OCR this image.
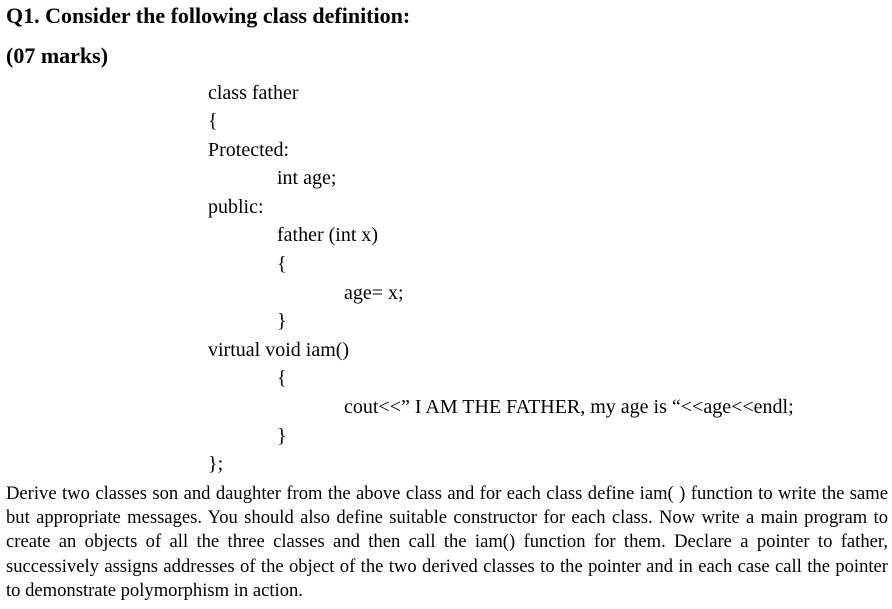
Q1. Consider the following class definition:
(07 marks)
class father
{
Protected:
int age;
public:
father (int x)
{
age= x;
}
virtual void iam()
{
cout<<” I AM THE FATHER, my age is “<<age<<endl;
}
};
Derive two classes son and daughter from the above class and for each class define iam( ) function to write the same but appropriate messages. You should also define suitable constructor for each class. Now write a main program to create an objects of all the three classes and then call the iam() function for them. Declare a pointer to father, successively assigns addresses of the object of the two derived classes to the pointer and in each case call the pointer to demonstrate polymorphism in action.
